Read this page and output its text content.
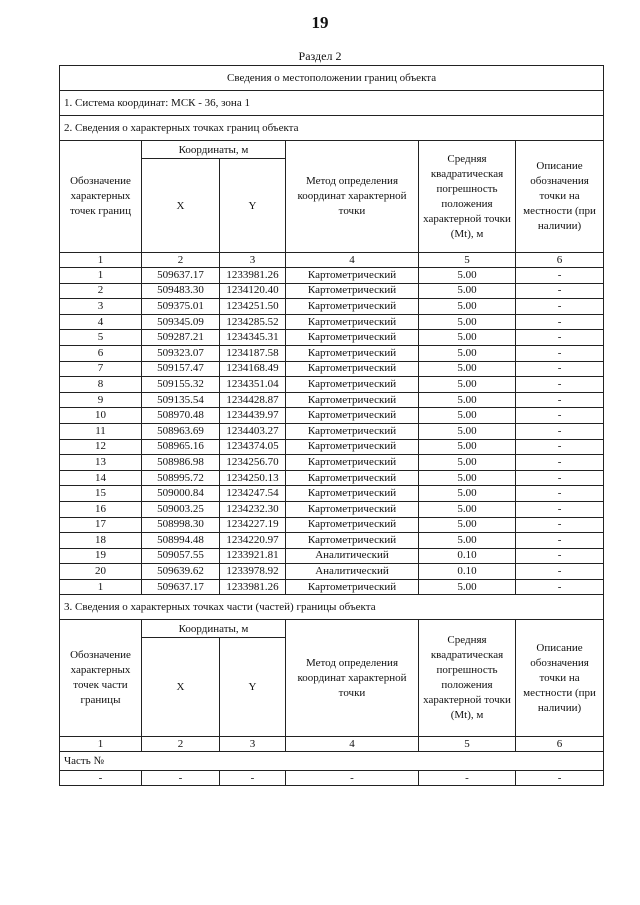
19
Раздел 2
Сведения о местоположении границ объекта					
1. Система координат: МСК - 36, зона 1					
2. Сведения о характерных точках границ объекта					
Обозначение характерных точек границ	Координаты, м		Метод определения координат характерной точки	Средняя квадратическая погрешность положения характерной точки (Mt), м	Описание обозначения точки на местности (при наличии)
	X	Y			
1	2	3	4	5	6
1	509637.17	1233981.26	Картометрический	5.00	-
2	509483.30	1234120.40	Картометрический	5.00	-
3	509375.01	1234251.50	Картометрический	5.00	-
4	509345.09	1234285.52	Картометрический	5.00	-
5	509287.21	1234345.31	Картометрический	5.00	-
6	509323.07	1234187.58	Картометрический	5.00	-
7	509157.47	1234168.49	Картометрический	5.00	-
8	509155.32	1234351.04	Картометрический	5.00	-
9	509135.54	1234428.87	Картометрический	5.00	-
10	508970.48	1234439.97	Картометрический	5.00	-
11	508963.69	1234403.27	Картометрический	5.00	-
12	508965.16	1234374.05	Картометрический	5.00	-
13	508986.98	1234256.70	Картометрический	5.00	-
14	508995.72	1234250.13	Картометрический	5.00	-
15	509000.84	1234247.54	Картометрический	5.00	-
16	509003.25	1234232.30	Картометрический	5.00	-
17	508998.30	1234227.19	Картометрический	5.00	-
18	508994.48	1234220.97	Картометрический	5.00	-
19	509057.55	1233921.81	Аналитический	0.10	-
20	509639.62	1233978.92	Аналитический	0.10	-
1	509637.17	1233981.26	Картометрический	5.00	-
3. Сведения о характерных точках части (частей) границы объекта					
Обозначение характерных точек части границы	Координаты, м		Метод определения координат характерной точки	Средняя квадратическая погрешность положения характерной точки (Mt), м	Описание обозначения точки на местности (при наличии)
	X	Y			
1	2	3	4	5	6
Часть №					
-	-	-	-	-	-
